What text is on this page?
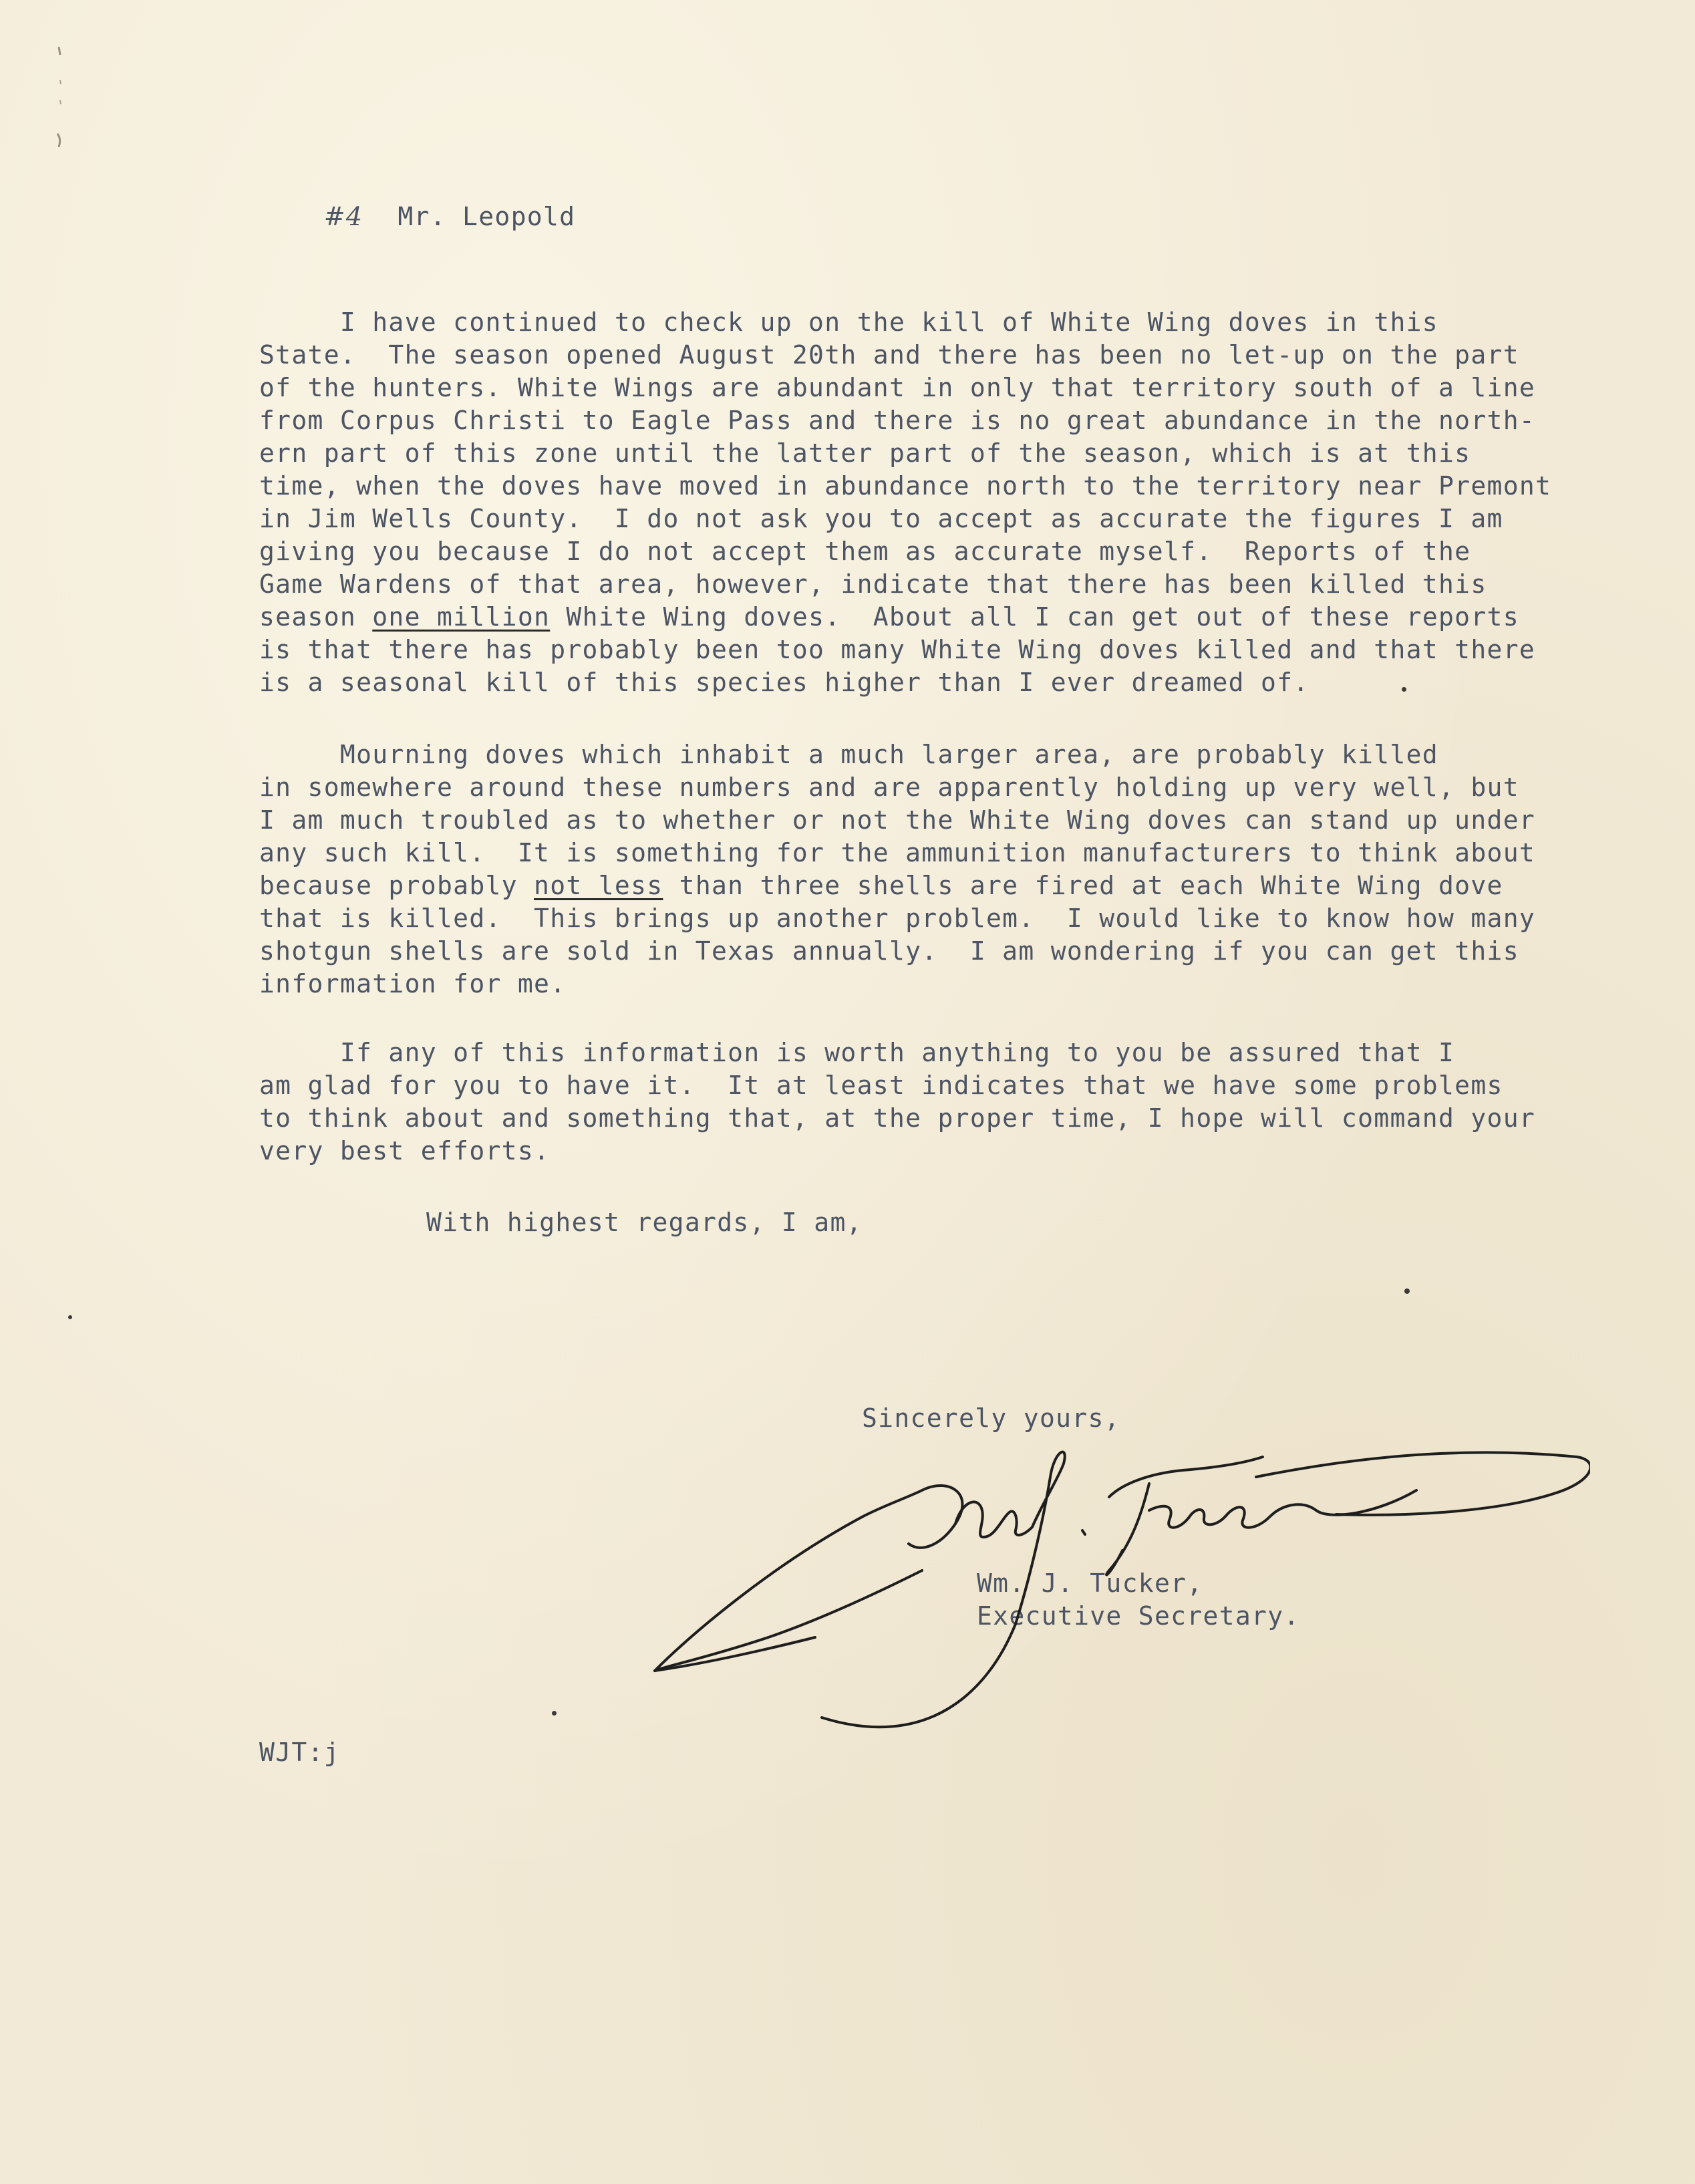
#4 Mr. Leopold

I have continued to check up on the kill of White Wing doves in this
State.  The season opened August 20th and there has been no let-up on the part
of the hunters. White Wings are abundant in only that territory south of a line
from Corpus Christi to Eagle Pass and there is no great abundance in the north-
ern part of this zone until the latter part of the season, which is at this
time, when the doves have moved in abundance north to the territory near Premont
in Jim Wells County.  I do not ask you to accept as accurate the figures I am
giving you because I do not accept them as accurate myself.  Reports of the
Game Wardens of that area, however, indicate that there has been killed this
season one million White Wing doves.  About all I can get out of these reports
is that there has probably been too many White Wing doves killed and that there
is a seasonal kill of this species higher than I ever dreamed of.
Mourning doves which inhabit a much larger area, are probably killed
in somewhere around these numbers and are apparently holding up very well, but
I am much troubled as to whether or not the White Wing doves can stand up under
any such kill.  It is something for the ammunition manufacturers to think about
because probably not less than three shells are fired at each White Wing dove
that is killed.  This brings up another problem.  I would like to know how many
shotgun shells are sold in Texas annually.  I am wondering if you can get this
information for me.
If any of this information is worth anything to you be assured that I
am glad for you to have it.  It at least indicates that we have some problems
to think about and something that, at the proper time, I hope will command your
very best efforts.
With highest regards, I am,
Sincerely yours,
Wm. J. Tucker,
Executive Secretary.
WJT:j
